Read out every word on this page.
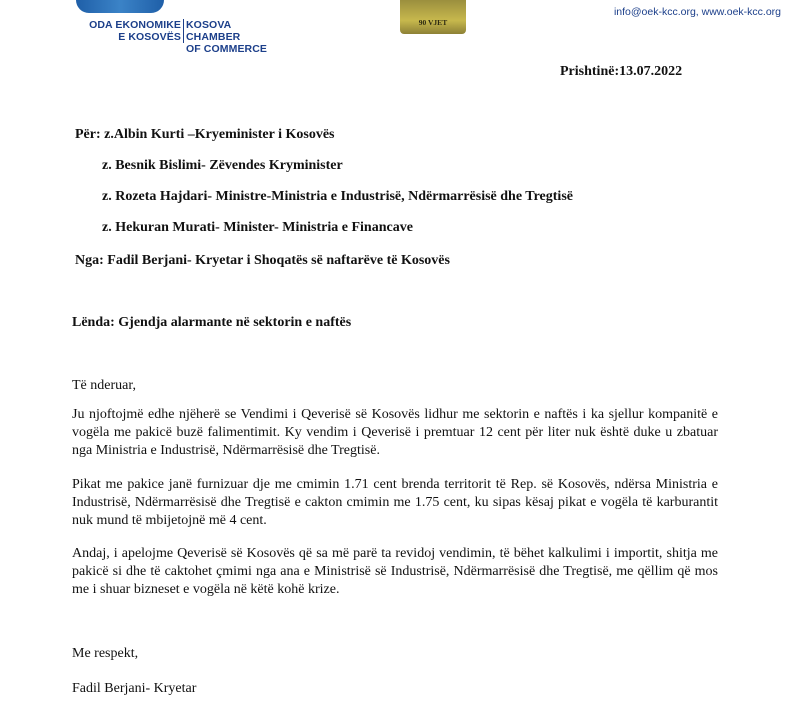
ODA EKONOMIKE
E KOSOVËS
KOSOVA CHAMBER
OF COMMERCE
90 VJET
info@oek-kcc.org, www.oek-kcc.org
Prishtinë:13.07.2022
Për: z.Albin Kurti –Kryeminister i Kosovës
z. Besnik Bislimi- Zëvendes Kryminister
z. Rozeta Hajdari- Ministre-Ministria e Industrisë, Ndërmarrësisë dhe Tregtisë
z. Hekuran Murati- Minister- Ministria e Financave
Nga: Fadil Berjani- Kryetar i Shoqatës së naftarëve të Kosovës
Lënda: Gjendja alarmante në sektorin e naftës
Të nderuar,

Ju njoftojmë edhe njëherë se Vendimi i Qeverisë së Kosovës lidhur me sektorin e naftës i ka sjellur kompanitë e vogëla me pakicë buzë falimentimit. Ky vendim i Qeverisë i premtuar 12 cent për liter nuk është duke u zbatuar nga Ministria e Industrisë, Ndërmarrësisë dhe Tregtisë.

Pikat me pakice janë furnizuar dje me cmimin 1.71 cent brenda territorit të Rep. së Kosovës, ndërsa Ministria e Industrisë, Ndërmarrësisë dhe Tregtisë e cakton cmimin me 1.75 cent, ku sipas kësaj pikat e vogëla të karburantit nuk mund të mbijetojnë më 4 cent.

Andaj, i apelojme Qeverisë së Kosovës që sa më parë ta revidoj vendimin, të bëhet kalkulimi i importit, shitja me pakicë si dhe të caktohet çmimi nga ana e Ministrisë së Industrisë, Ndërmarrësisë dhe Tregtisë, me qëllim që mos me i shuar bizneset e vogëla në këtë kohë krize.

Me respekt,
Fadil Berjani- Kryetar
